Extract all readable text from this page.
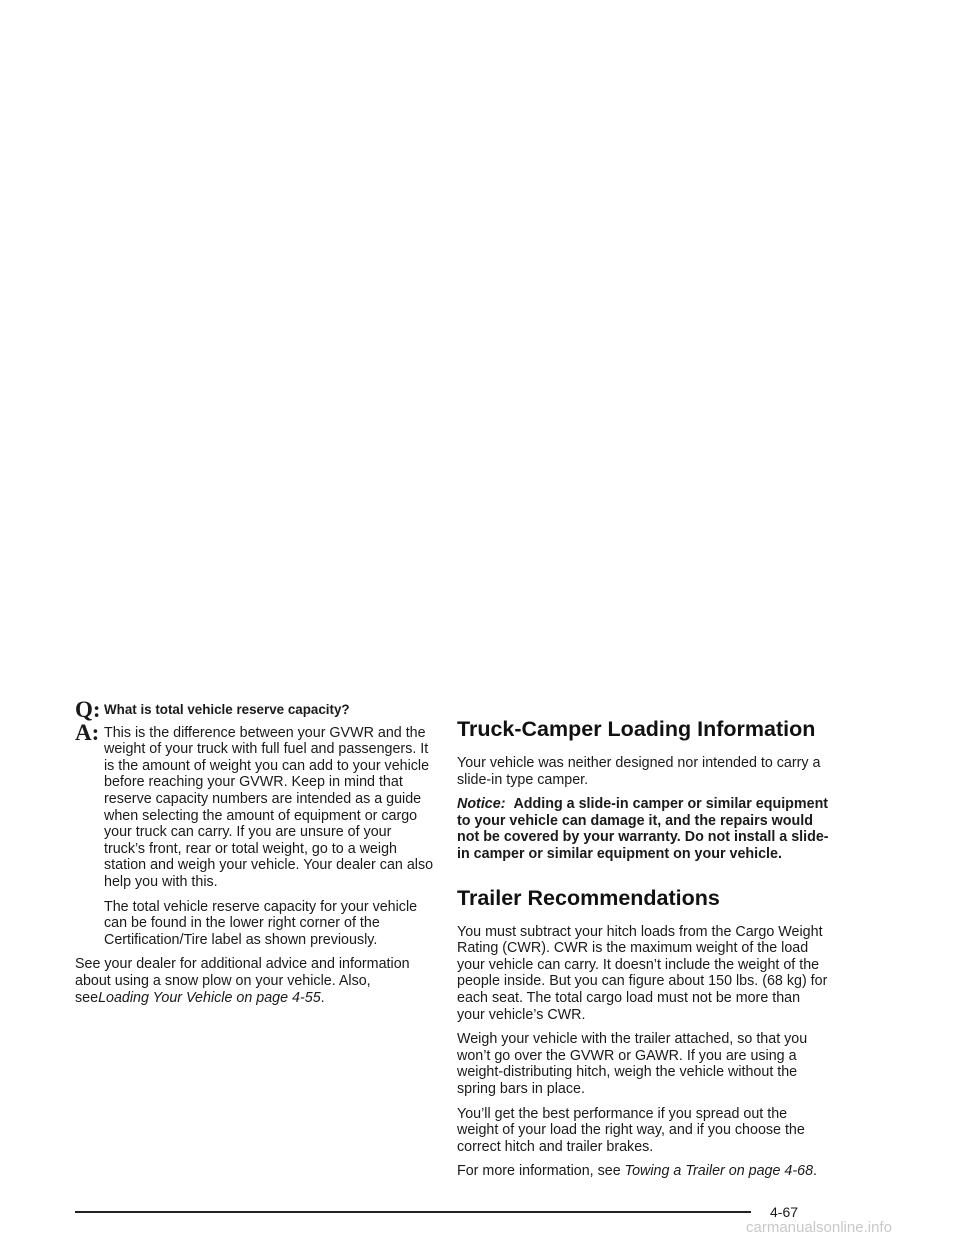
Q: What is total vehicle reserve capacity?
A: This is the difference between your GVWR and the weight of your truck with full fuel and passengers. It is the amount of weight you can add to your vehicle before reaching your GVWR. Keep in mind that reserve capacity numbers are intended as a guide when selecting the amount of equipment or cargo your truck can carry. If you are unsure of your truck’s front, rear or total weight, go to a weigh station and weigh your vehicle. Your dealer can also help you with this.

The total vehicle reserve capacity for your vehicle can be found in the lower right corner of the Certification/Tire label as shown previously.

See your dealer for additional advice and information about using a snow plow on your vehicle. Also, seeLoading Your Vehicle on page 4-55.

Truck-Camper Loading Information

Your vehicle was neither designed nor intended to carry a slide-in type camper.

Notice: Adding a slide-in camper or similar equipment to your vehicle can damage it, and the repairs would not be covered by your warranty. Do not install a slide-in camper or similar equipment on your vehicle.

Trailer Recommendations

You must subtract your hitch loads from the Cargo Weight Rating (CWR). CWR is the maximum weight of the load your vehicle can carry. It doesn’t include the weight of the people inside. But you can figure about 150 lbs. (68 kg) for each seat. The total cargo load must not be more than your vehicle’s CWR.

Weigh your vehicle with the trailer attached, so that you won’t go over the GVWR or GAWR. If you are using a weight-distributing hitch, weigh the vehicle without the spring bars in place.

You’ll get the best performance if you spread out the weight of your load the right way, and if you choose the correct hitch and trailer brakes.

For more information, see Towing a Trailer on page 4-68.

4-67
carmanualsonline.info
